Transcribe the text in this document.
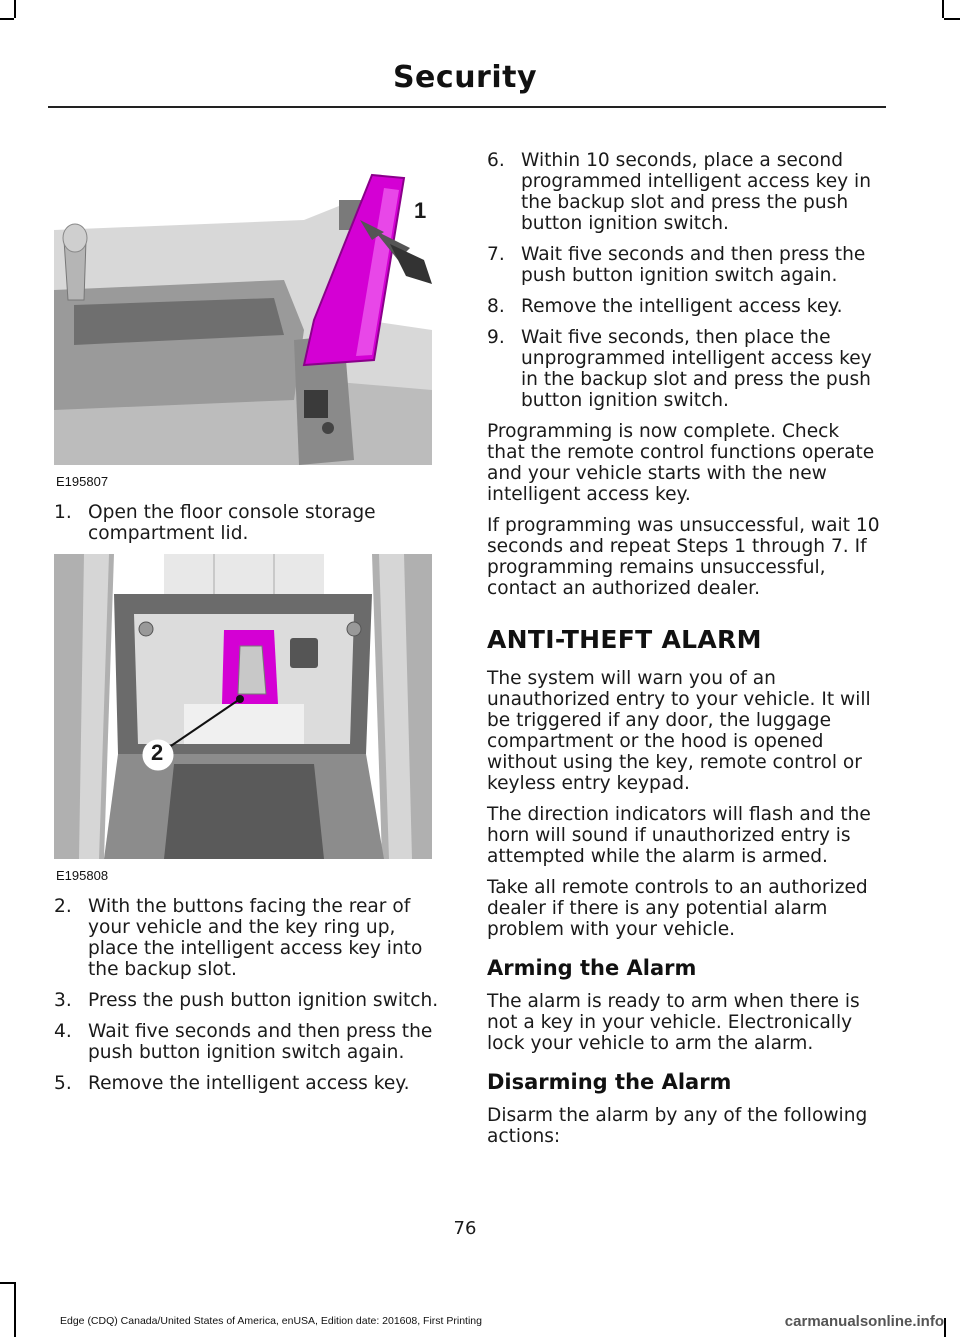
Security
1
E195807
1. Open the floor console storage compartment lid.
2
E195808
2. With the buttons facing the rear of your vehicle and the key ring up, place the intelligent access key into the backup slot.
3. Press the push button ignition switch.
4. Wait five seconds and then press the push button ignition switch again.
5. Remove the intelligent access key.
6. Within 10 seconds, place a second programmed intelligent access key in the backup slot and press the push button ignition switch.
7. Wait five seconds and then press the push button ignition switch again.
8. Remove the intelligent access key.
9. Wait five seconds, then place the unprogrammed intelligent access key in the backup slot and press the push button ignition switch.

Programming is now complete. Check that the remote control functions operate and your vehicle starts with the new intelligent access key.

If programming was unsuccessful, wait 10 seconds and repeat Steps 1 through 7. If programming remains unsuccessful, contact an authorized dealer.

ANTI-THEFT ALARM

The system will warn you of an unauthorized entry to your vehicle. It will be triggered if any door, the luggage compartment or the hood is opened without using the key, remote control or keyless entry keypad.

The direction indicators will flash and the horn will sound if unauthorized entry is attempted while the alarm is armed.

Take all remote controls to an authorized dealer if there is any potential alarm problem with your vehicle.

Arming the Alarm

The alarm is ready to arm when there is not a key in your vehicle. Electronically lock your vehicle to arm the alarm.

Disarming the Alarm

Disarm the alarm by any of the following actions:

76
Edge (CDQ) Canada/United States of America, enUSA, Edition date: 201608, First Printing	carmanualsonline.info
